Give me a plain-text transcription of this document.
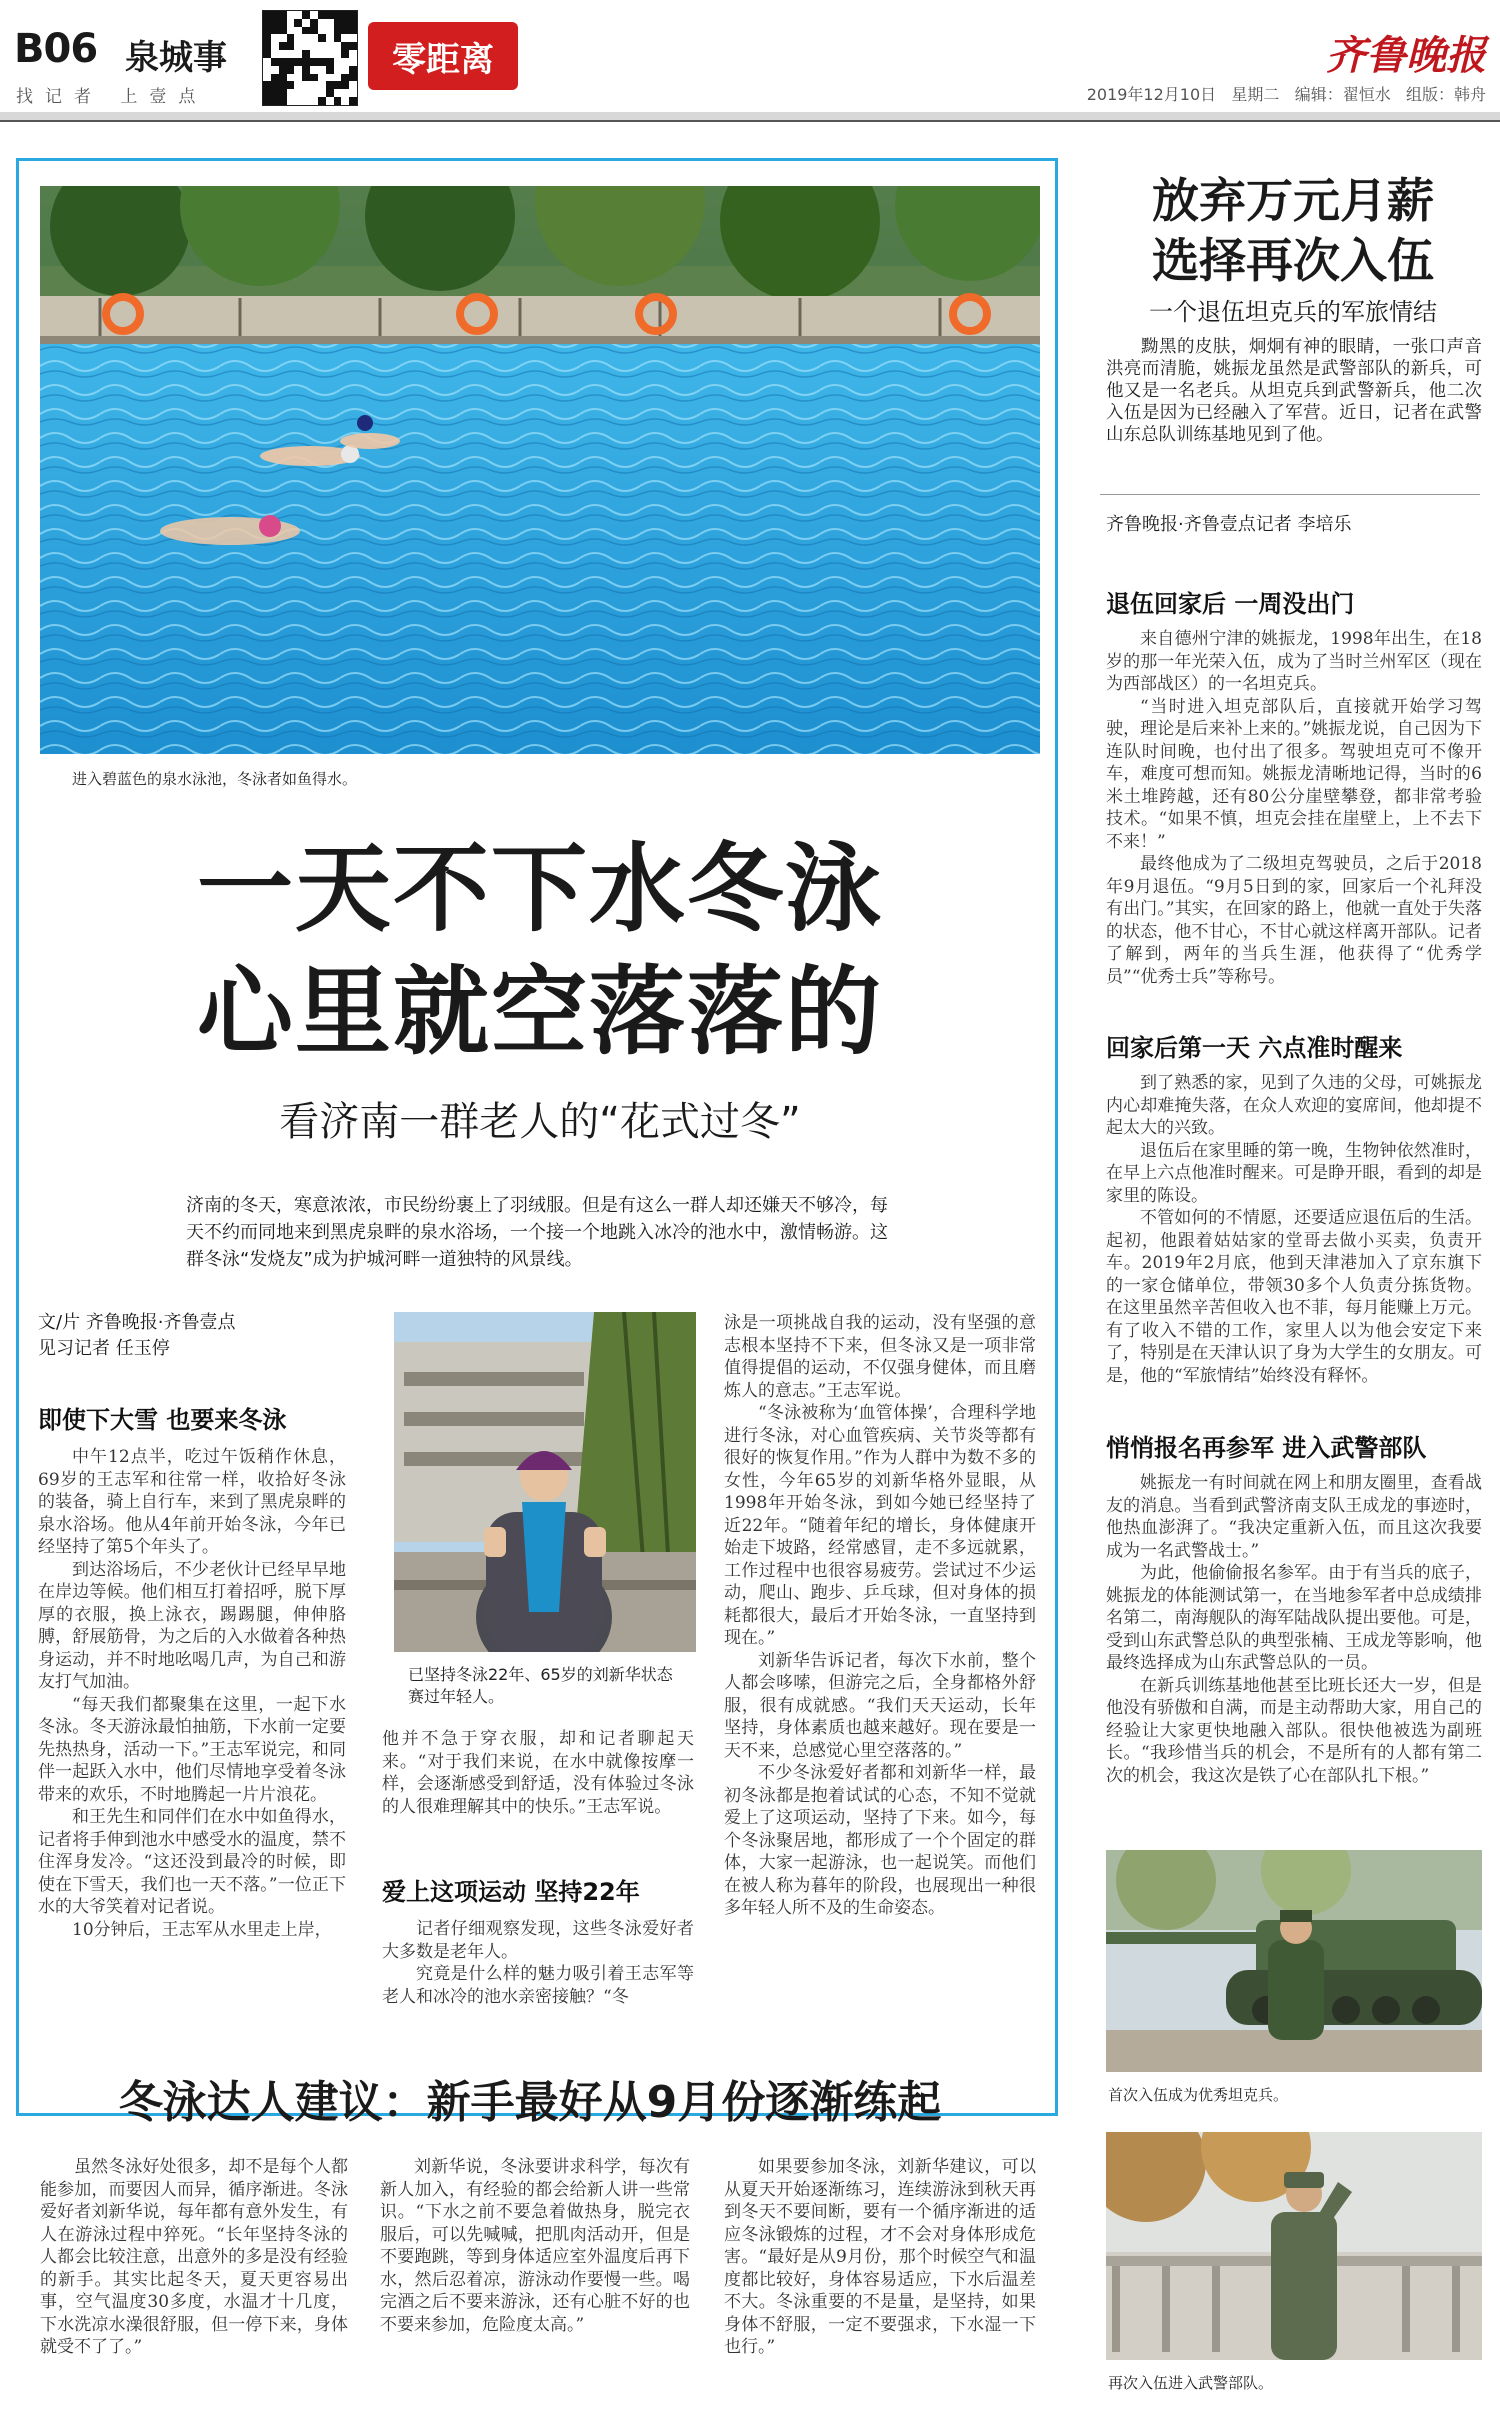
B06 泉城事	零距离
找记者 上壹点
齐鲁晚报
2019年12月10日 星期二 编辑：翟恒水 组版：韩舟
进入碧蓝色的泉水泳池，冬泳者如鱼得水。
一天不下水冬泳
心里就空落落的
看济南一群老人的“花式过冬”
济南的冬天，寒意浓浓，市民纷纷裹上了羽绒服。但是有这么一群人却还嫌天不够冷，每天不约而同地来到黑虎泉畔的泉水浴场，一个接一个地跳入冰冷的池水中，激情畅游。这群冬泳“发烧友”成为护城河畔一道独特的风景线。
文/片 齐鲁晚报·齐鲁壹点
见习记者 任玉停
即使下大雪 也要来冬泳

中午12点半，吃过午饭稍作休息，69岁的王志军和往常一样，收拾好冬泳的装备，骑上自行车，来到了黑虎泉畔的泉水浴场。他从4年前开始冬泳，今年已经坚持了第5个年头了。

到达浴场后，不少老伙计已经早早地在岸边等候。他们相互打着招呼，脱下厚厚的衣服，换上泳衣，踢踢腿，伸伸胳膊，舒展筋骨，为之后的入水做着各种热身运动，并不时地吆喝几声，为自己和游友打气加油。

“每天我们都聚集在这里，一起下水冬泳。冬天游泳最怕抽筋，下水前一定要先热热身，活动一下。”王志军说完，和同伴一起跃入水中，他们尽情地享受着冬泳带来的欢乐，不时地腾起一片片浪花。

和王先生和同伴们在水中如鱼得水，记者将手伸到池水中感受水的温度，禁不住浑身发冷。“这还没到最冷的时候，即使在下雪天，我们也一天不落。”一位正下水的大爷笑着对记者说。

10分钟后，王志军从水里走上岸，

已坚持冬泳22年、65岁的刘新华状态赛过年轻人。

他并不急于穿衣服，却和记者聊起天来。“对于我们来说，在水中就像按摩一样，会逐渐感受到舒适，没有体验过冬泳的人很难理解其中的快乐。”王志军说。

爱上这项运动 坚持22年

记者仔细观察发现，这些冬泳爱好者大多数是老年人。

究竟是什么样的魅力吸引着王志军等老人和冰冷的池水亲密接触？“冬

泳是一项挑战自我的运动，没有坚强的意志根本坚持不下来，但冬泳又是一项非常值得提倡的运动，不仅强身健体，而且磨炼人的意志。”王志军说。

“冬泳被称为‘血管体操’，合理科学地进行冬泳，对心血管疾病、关节炎等都有很好的恢复作用。”作为人群中为数不多的女性，今年65岁的刘新华格外显眼，从1998年开始冬泳，到如今她已经坚持了近22年。“随着年纪的增长，身体健康开始走下坡路，经常感冒，走不多远就累，工作过程中也很容易疲劳。尝试过不少运动，爬山、跑步、乒乓球，但对身体的损耗都很大，最后才开始冬泳，一直坚持到现在。”

刘新华告诉记者，每次下水前，整个人都会哆嗦，但游完之后，全身都格外舒服，很有成就感。“我们天天运动，长年坚持，身体素质也越来越好。现在要是一天不来，总感觉心里空落落的。”

不少冬泳爱好者都和刘新华一样，最初冬泳都是抱着试试的心态，不知不觉就爱上了这项运动，坚持了下来。如今，每个冬泳聚居地，都形成了一个个固定的群体，大家一起游泳，也一起说笑。而他们在被人称为暮年的阶段，也展现出一种很多年轻人所不及的生命姿态。

冬泳达人建议：新手最好从9月份逐渐练起

虽然冬泳好处很多，却不是每个人都能参加，而要因人而异，循序渐进。冬泳爱好者刘新华说，每年都有意外发生，有人在游泳过程中猝死。“长年坚持冬泳的人都会比较注意，出意外的多是没有经验的新手。其实比起冬天，夏天更容易出事，空气温度30多度，水温才十几度，下水洗凉水澡很舒服，但一停下来，身体就受不了了。”

刘新华说，冬泳要讲求科学，每次有新人加入，有经验的都会给新人讲一些常识。“下水之前不要急着做热身，脱完衣服后，可以先喊喊，把肌肉活动开，但是不要跑跳，等到身体适应室外温度后再下水，然后忍着凉，游泳动作要慢一些。喝完酒之后不要来游泳，还有心脏不好的也不要来参加，危险度太高。”

如果要参加冬泳，刘新华建议，可以从夏天开始逐渐练习，连续游泳到秋天再到冬天不要间断，要有一个循序渐进的适应冬泳锻炼的过程，才不会对身体形成危害。“最好是从9月份，那个时候空气和温度都比较好，身体容易适应，下水后温差不大。冬泳重要的不是量，是坚持，如果身体不舒服，一定不要强求，下水湿一下也行。”

放弃万元月薪
选择再次入伍
一个退伍坦克兵的军旅情结

黝黑的皮肤，炯炯有神的眼睛，一张口声音洪亮而清脆，姚振龙虽然是武警部队的新兵，可他又是一名老兵。从坦克兵到武警新兵，他二次入伍是因为已经融入了军营。近日，记者在武警山东总队训练基地见到了他。

齐鲁晚报·齐鲁壹点记者 李培乐
退伍回家后 一周没出门

来自德州宁津的姚振龙，1998年出生，在18岁的那一年光荣入伍，成为了当时兰州军区（现在为西部战区）的一名坦克兵。

“当时进入坦克部队后，直接就开始学习驾驶，理论是后来补上来的。”姚振龙说，自己因为下连队时间晚，也付出了很多。驾驶坦克可不像开车，难度可想而知。姚振龙清晰地记得，当时的6米土堆跨越，还有80公分崖壁攀登，都非常考验技术。“如果不慎，坦克会挂在崖壁上，上不去下不来！”

最终他成为了二级坦克驾驶员，之后于2018年9月退伍。“9月5日到的家，回家后一个礼拜没有出门。”其实，在回家的路上，他就一直处于失落的状态，他不甘心，不甘心就这样离开部队。记者了解到，两年的当兵生涯，他获得了“优秀学员”“优秀士兵”等称号。

回家后第一天 六点准时醒来

到了熟悉的家，见到了久违的父母，可姚振龙内心却难掩失落，在众人欢迎的宴席间，他却提不起太大的兴致。

退伍后在家里睡的第一晚，生物钟依然准时，在早上六点他准时醒来。可是睁开眼，看到的却是家里的陈设。

不管如何的不情愿，还要适应退伍后的生活。起初，他跟着姑姑家的堂哥去做小买卖，负责开车。2019年2月底，他到天津港加入了京东旗下的一家仓储单位，带领30多个人负责分拣货物。在这里虽然辛苦但收入也不菲，每月能赚上万元。有了收入不错的工作，家里人以为他会安定下来了，特别是在天津认识了身为大学生的女朋友。可是，他的“军旅情结”始终没有释怀。

悄悄报名再参军 进入武警部队

姚振龙一有时间就在网上和朋友圈里，查看战友的消息。当看到武警济南支队王成龙的事迹时，他热血澎湃了。“我决定重新入伍，而且这次我要成为一名武警战士。”

为此，他偷偷报名参军。由于有当兵的底子，姚振龙的体能测试第一，在当地参军者中总成绩排名第二，南海舰队的海军陆战队提出要他。可是，受到山东武警总队的典型张楠、王成龙等影响，他最终选择成为山东武警总队的一员。

在新兵训练基地他甚至比班长还大一岁，但是他没有骄傲和自满，而是主动帮助大家，用自己的经验让大家更快地融入部队。很快他被选为副班长。“我珍惜当兵的机会，不是所有的人都有第二次的机会，我这次是铁了心在部队扎下根。”

首次入伍成为优秀坦克兵。
再次入伍进入武警部队。
